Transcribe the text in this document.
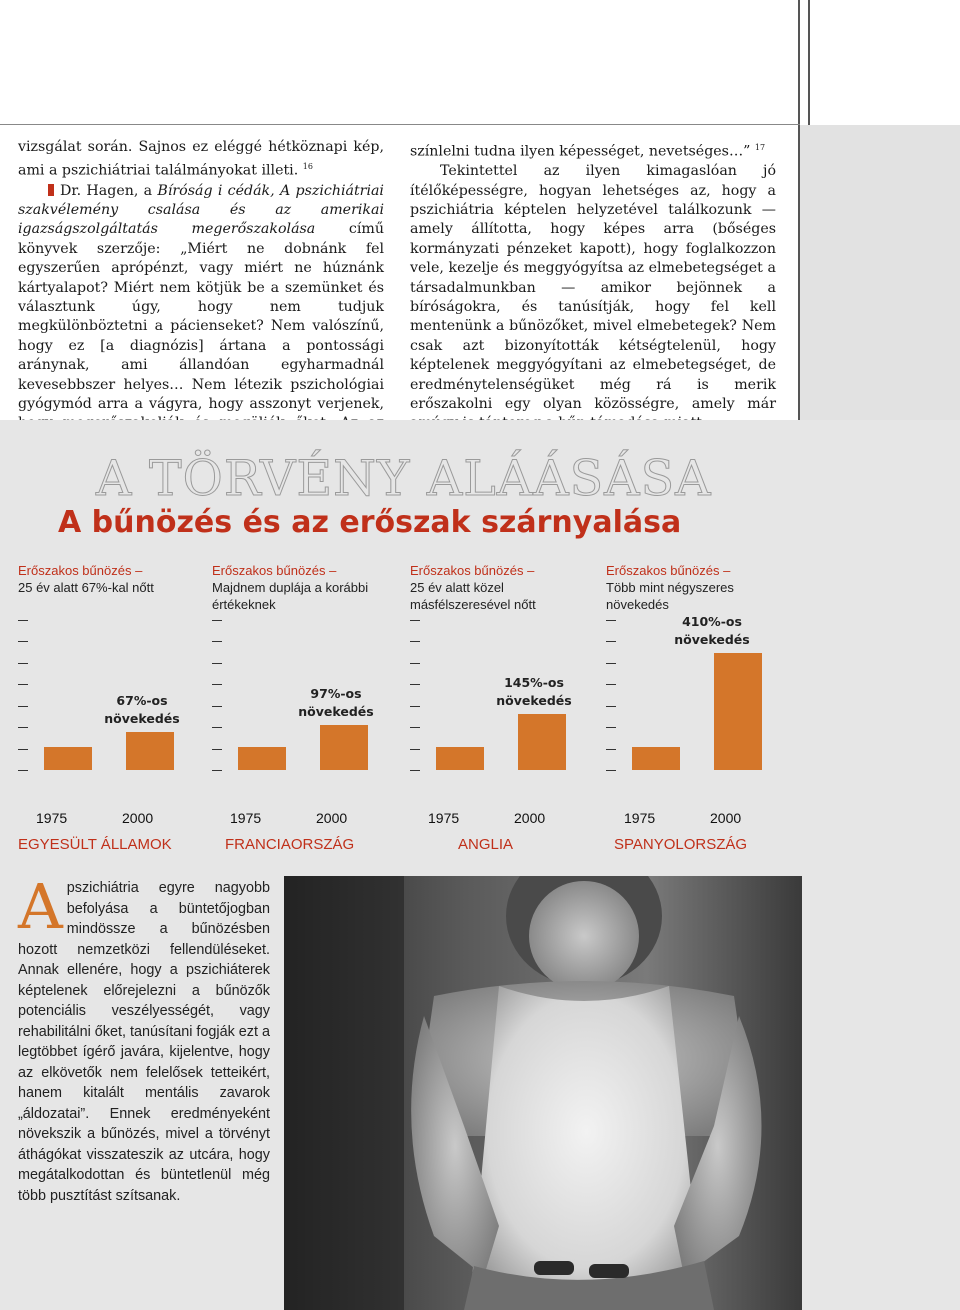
vizsgálat során. Sajnos ez eléggé hétköznapi kép, ami a pszichiátriai találmányokat illeti. $^{16}$

Dr. Hagen, a Bíróság i cédák, A pszichiátriai szakvélemény csalása és az amerikai igazságszolgáltatás megerőszakolása című könyvek szerzője: „Miért ne dobnánk fel egyszerűen aprópénzt, vagy miért ne húznánk kártyalapot? Miért nem kötjük be a szemünket és választunk úgy, hogy nem tudjuk megkülönböztetni a pácienseket? Nem valószínű, hogy ez [a diagnózis] ártana a pontossági aránynak, ami állandóan egyharmadnál kevesebbszer helyes… Nem létezik pszichológiai gyógymód arra a vágyra, hogy asszonyt verjenek,

színlelni tudna ilyen képességet, nevetséges…” $^{17}$

Tekintettel az ilyen kimagaslóan jó ítélőképességre, hogyan lehetséges az, hogy a pszichiátria képtelen helyzetével találkozunk — amely állította, hogy képes arra (bőséges kormányzati pénzeket kapott), hogy foglalkozzon vele, kezelje és meggyógyítsa az elmebetegséget a társadalmunkban — amikor bejönnek a bíróságokra, és tanúsítják, hogy fel kell mentenünk a bűnözőket, mivel elmebetegek? Nem csak azt bizonyították kétségtelenül, hogy képtelenek meggyógyítani az elmebetegséget, de eredménytelenségüket még rá is merik erőszakolni egy olyan közösségre, amely már

A TÖRVÉNY ALÁÁSÁSA
A bűnözés és az erőszak szárnyalása
Erőszakos bűnözés –
25 év alatt 67%-kal nőtt
67%-os
növekedés
1975	2000
EGYESÜLT ÁLLAMOK
Erőszakos bűnözés –
Majdnem duplája a korábbi értékeknek
97%-os
növekedés
1975	2000
FRANCIAORSZÁG
Erőszakos bűnözés –
25 év alatt közel másfélszeresével nőtt
145%-os
növekedés
1975	2000
ANGLIA
Erőszakos bűnözés –
Több mint négyszeres növekedés
410%-os
növekedés
1975	2000
SPANYOLORSZÁG
Apszichiátria egyre nagyobb befolyása a büntetőjogban mindössze a bűnözésben hozott nemzetközi fellendüléseket. Annak ellenére, hogy a pszichiáterek képtelenek előrejelezni a bűnözők potenciális veszélyességét, vagy rehabilitálni őket, tanúsítani fogják ezt a legtöbbet ígérő javára, kijelentve, hogy az elkövetők nem felelősek tetteikért, hanem kitalált mentális zavarok „áldozatai”. Ennek eredményeként növekszik a bűnözés, mivel a törvényt áthágókat visszateszik az utcára, hogy megátalkodottan és büntetlenül még több pusztítást szítsanak.
